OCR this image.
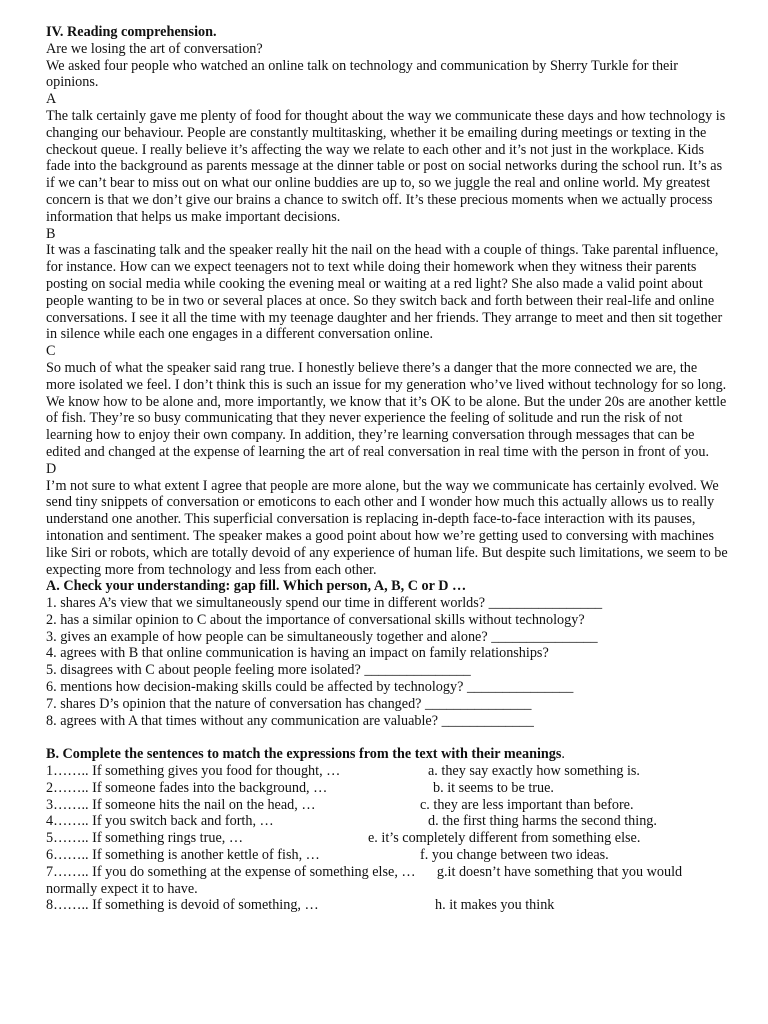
IV. Reading comprehension.

Are we losing the art of conversation?

We asked four people who watched an online talk on technology and communication by Sherry Turkle for their opinions.

A

The talk certainly gave me plenty of food for thought about the way we communicate these days and how technology is changing our behaviour. People are constantly multitasking, whether it be emailing during meetings or texting in the checkout queue. I really believe it’s affecting the way we relate to each other and it’s not just in the workplace. Kids fade into the background as parents message at the dinner table or post on social networks during the school run. It’s as if we can’t bear to miss out on what our online buddies are up to, so we juggle the real and online world. My greatest concern is that we don’t give our brains a chance to switch off. It’s these precious moments when we actually process information that helps us make important decisions.

B

It was a fascinating talk and the speaker really hit the nail on the head with a couple of things. Take parental influence, for instance. How can we expect teenagers not to text while doing their homework when they witness their parents posting on social media while cooking the evening meal or waiting at a red light? She also made a valid point about people wanting to be in two or several places at once. So they switch back and forth between their real-life and online conversations. I see it all the time with my teenage daughter and her friends. They arrange to meet and then sit together in silence while each one engages in a different conversation online.

C

So much of what the speaker said rang true. I honestly believe there’s a danger that the more connected we are, the more isolated we feel. I don’t think this is such an issue for my generation who’ve lived without technology for so long. We know how to be alone and, more importantly, we know that it’s OK to be alone. But the under 20s are another kettle of fish. They’re so busy communicating that they never experience the feeling of solitude and run the risk of not learning how to enjoy their own company. In addition, they’re learning conversation through messages that can be edited and changed at the expense of learning the art of real conversation in real time with the person in front of you.

D

I’m not sure to what extent I agree that people are more alone, but the way we communicate has certainly evolved. We send tiny snippets of conversation or emoticons to each other and I wonder how much this actually allows us to really understand one another. This superficial conversation is replacing in-depth face-to-face interaction with its pauses, intonation and sentiment. The speaker makes a good point about how we’re getting used to conversing with machines like Siri or robots, which are totally devoid of any experience of human life. But despite such limitations, we seem to be expecting more from technology and less from each other.

A. Check your understanding: gap fill. Which person, A, B, C or D …

1. shares A’s view that we simultaneously spend our time in different worlds? ________________

2. has a similar opinion to C about the importance of conversational skills without technology?

3. gives an example of how people can be simultaneously together and alone? _______________

4. agrees with B that online communication is having an impact on family relationships?

5. disagrees with C about people feeling more isolated? _______________

6. mentions how decision-making skills could be affected by technology? _______________

7. shares D’s opinion that the nature of conversation has changed? _______________

8. agrees with A that times without any communication are valuable? _____________

B. Complete the sentences to match the expressions from the text with their meanings.

1…….. If something gives you food for thought, …	a. they say exactly how something is.
2…….. If someone fades into the background, …	b. it seems to be true.
3…….. If someone hits the nail on the head, …	c. they are less important than before.
4…….. If you switch back and forth, …	d. the first thing harms the second thing.
5…….. If something rings true, …	e. it’s completely different from something else.
6…….. If something is another kettle of fish, …	f. you change between two ideas.
7…….. If you do something at the expense of something else, … g.it doesn’t have something that you would normally expect it to have.
8…….. If something is devoid of something, …	h. it makes you think
